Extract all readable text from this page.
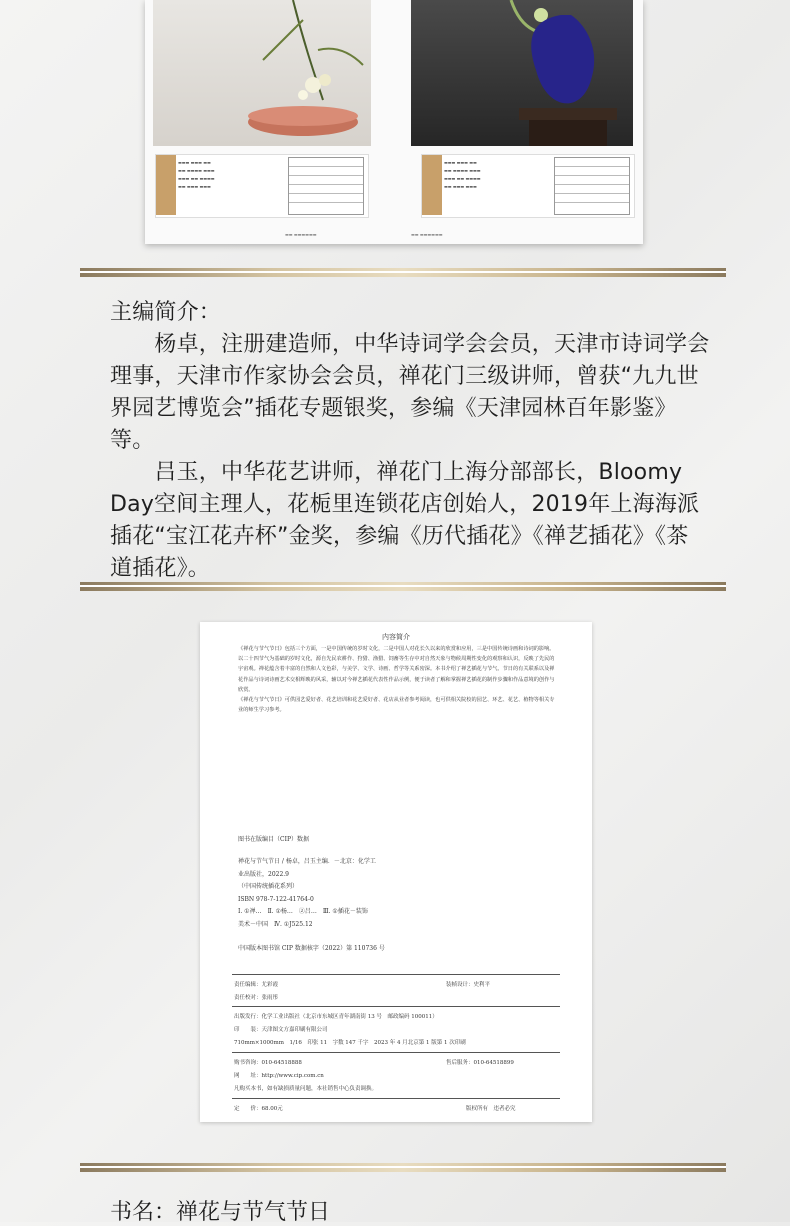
▬▬▬ ▬▬▬ ▬▬
▬▬ ▬▬▬▬ ▬▬▬
▬▬▬ ▬▬ ▬▬▬▬
▬▬ ▬▬▬ ▬▬▬
▬▬▬ ▬▬▬ ▬▬
▬▬ ▬▬▬▬ ▬▬▬
▬▬▬ ▬▬ ▬▬▬▬
▬▬ ▬▬▬ ▬▬▬
▬▬ ▬▬▬▬▬▬	▬▬ ▬▬▬▬▬▬

主编简介：

　　杨卓，注册建造师，中华诗词学会会员，天津市诗词学会理事，天津市作家协会会员，禅花门三级讲师，曾获“九九世界园艺博览会”插花专题银奖，参编《天津园林百年影鉴》等。

　　吕玉，中华花艺讲师，禅花门上海分部部长，Bloomy Day空间主理人，花栀里连锁花店创始人，2019年上海海派插花“宝江花卉杯”金奖，参编《历代插花》《禅艺插花》《茶道插花》。

内容简介
《禅花与节气节日》包括三个方面，一是中国传统的岁时文化，二是中国人对花长久以来的欣赏和应用，三是中国传统诗画和诗词的影响。以二十四节气为基础的岁时文化，源自先民农耕作、狩猎、渔猎、饲畜等生存中对自然天象与物候周期性变化的观察和认识，反映了先民的宇宙观。禅花蕴含着丰富的自然和人文色彩，与美学、文学、诗画、哲学等关系密深。本书介绍了禅艺插花与节气、节日的有关联系以及禅花作品与诗词诗画艺术交相辉映的风采，辅以对今禅艺插花代表性作品示例，便于读者了解和掌握禅艺插花的制作步骤和作品意境的创作与欣赏。
《禅花与节气节日》可供园艺爱好者、花艺培训和花艺爱好者、花店从业者参考阅读，也可供相关院校的园艺、环艺、花艺、植物等相关专业的师生学习参考。
图书在版编目（CIP）数据

禅花与节气节日 / 杨卓，吕玉主编．－北京：化学工

业出版社，2022.9

（中国传统插花系列）

ISBN 978-7-122-41764-0

Ⅰ. ①禅…　Ⅱ. ①杨…　②吕…　Ⅲ. ①插花－装饰

美术－中国　Ⅳ. ①J525.12

中国版本图书馆 CIP 数据核字（2022）第 110736 号
责任编辑：尤彩霞	装帧设计：史利平
责任校对：张雨彤
出版发行：化学工业出版社（北京市东城区青年湖南街 13 号　邮政编码 100011）
印　　装：天津图文方嘉印刷有限公司
710mm×1000mm　1/16　印张 11　字数 147 千字　2023 年 4 月北京第 1 版第 1 次印刷
购书咨询：010-64518888	售后服务：010-64518899
网　　址：http://www.cip.com.cn
凡购买本书，如有缺损质量问题，本社销售中心负责调换。
定　　价：68.00元	版权所有　违者必究
书名：禅花与节气节日
